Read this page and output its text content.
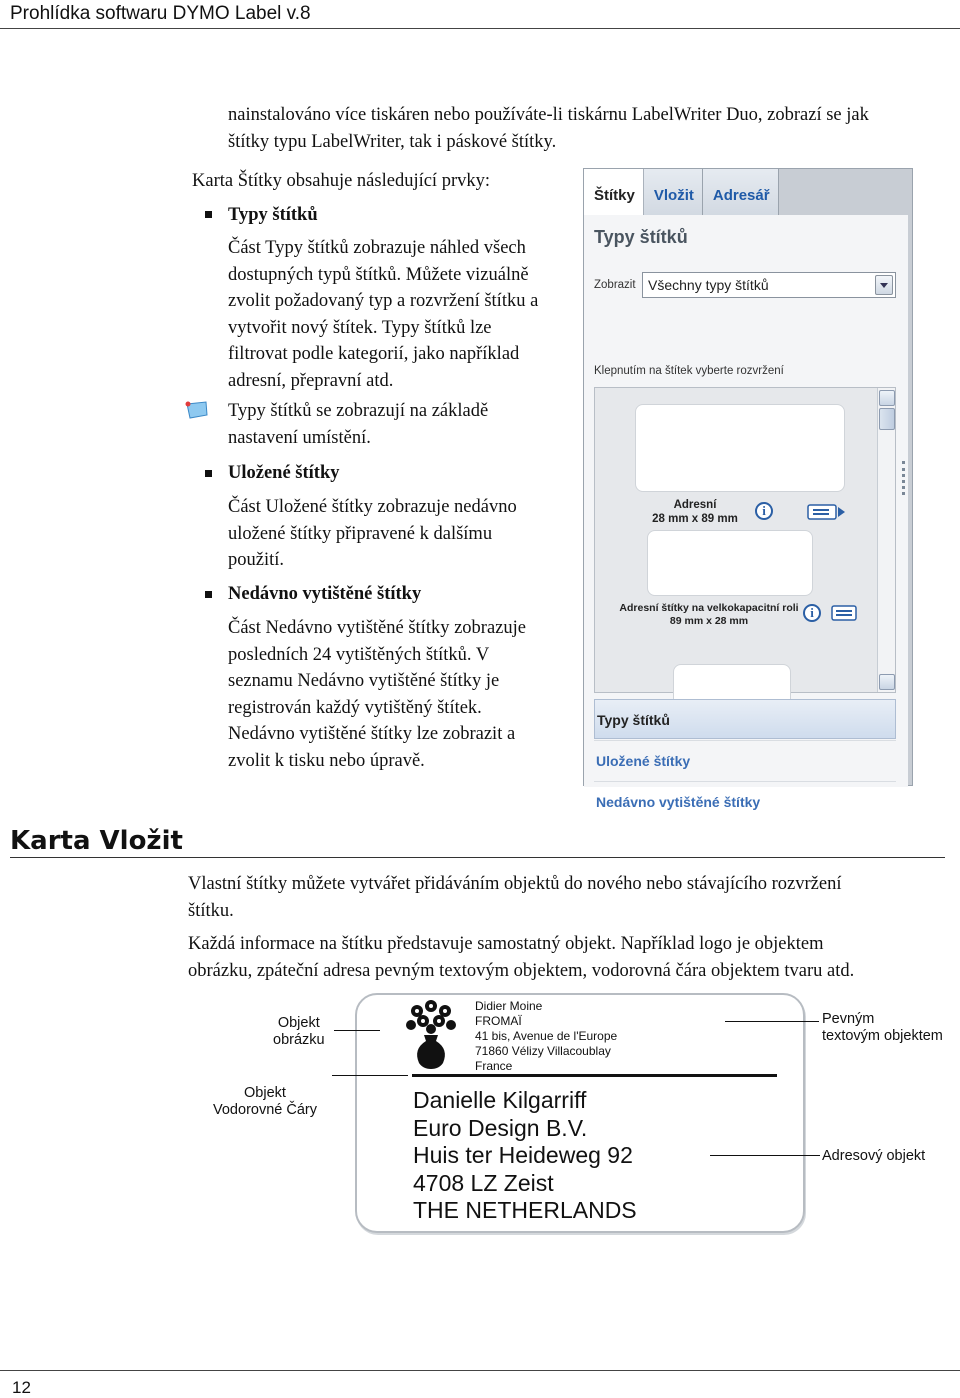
Prohlídka softwaru DYMO Label v.8
nainstalováno více tiskáren nebo používáte-li tiskárnu LabelWriter Duo, zobrazí se jak
štítky typu LabelWriter, tak i páskové štítky.
Karta Štítky obsahuje následující prvky:
Typy štítků
Část Typy štítků zobrazuje náhled všech
dostupných typů štítků. Můžete vizuálně
zvolit požadovaný typ a rozvržení štítku a
vytvořit nový štítek. Typy štítků lze
filtrovat podle kategorií, jako například
adresní, přepravní atd.
Typy štítků se zobrazují na základě
nastavení umístění.
Uložené štítky
Část Uložené štítky zobrazuje nedávno
uložené štítky připravené k dalšímu
použití.
Nedávno vytištěné štítky
Část Nedávno vytištěné štítky zobrazuje
posledních 24 vytištěných štítků. V
seznamu Nedávno vytištěné štítky je
registrován každý vytištěný štítek.
Nedávno vytištěné štítky lze zobrazit a
zvolit k tisku nebo úpravě.
Štítky	Vložit	Adresář
Typy štítků
Zobrazit Všechny typy štítků
Klepnutím na štítek vyberte rozvržení
Adresní
28 mm x 89 mm
i
Adresní štítky na velkokapacitní roli
89 mm x 28 mm
i
Typy štítků
Uložené štítky
Nedávno vytištěné štítky
Karta Vložit
Vlastní štítky můžete vytvářet přidáváním objektů do nového nebo stávajícího rozvržení
štítku.
Každá informace na štítku představuje samostatný objekt. Například logo je objektem
obrázku, zpáteční adresa pevným textovým objektem, vodorovná čára objektem tvaru atd.
Didier Moine
FROMAÏ
41 bis, Avenue de l'Europe
71860 Vélizy Villacoublay
France
Danielle Kilgarriff
Euro Design B.V.
Huis ter Heideweg 92
4708 LZ Zeist
THE NETHERLANDS
Objekt
obrázku
Objekt
Vodorovné Čáry
Pevným
textovým objektem
Adresový objekt
12
